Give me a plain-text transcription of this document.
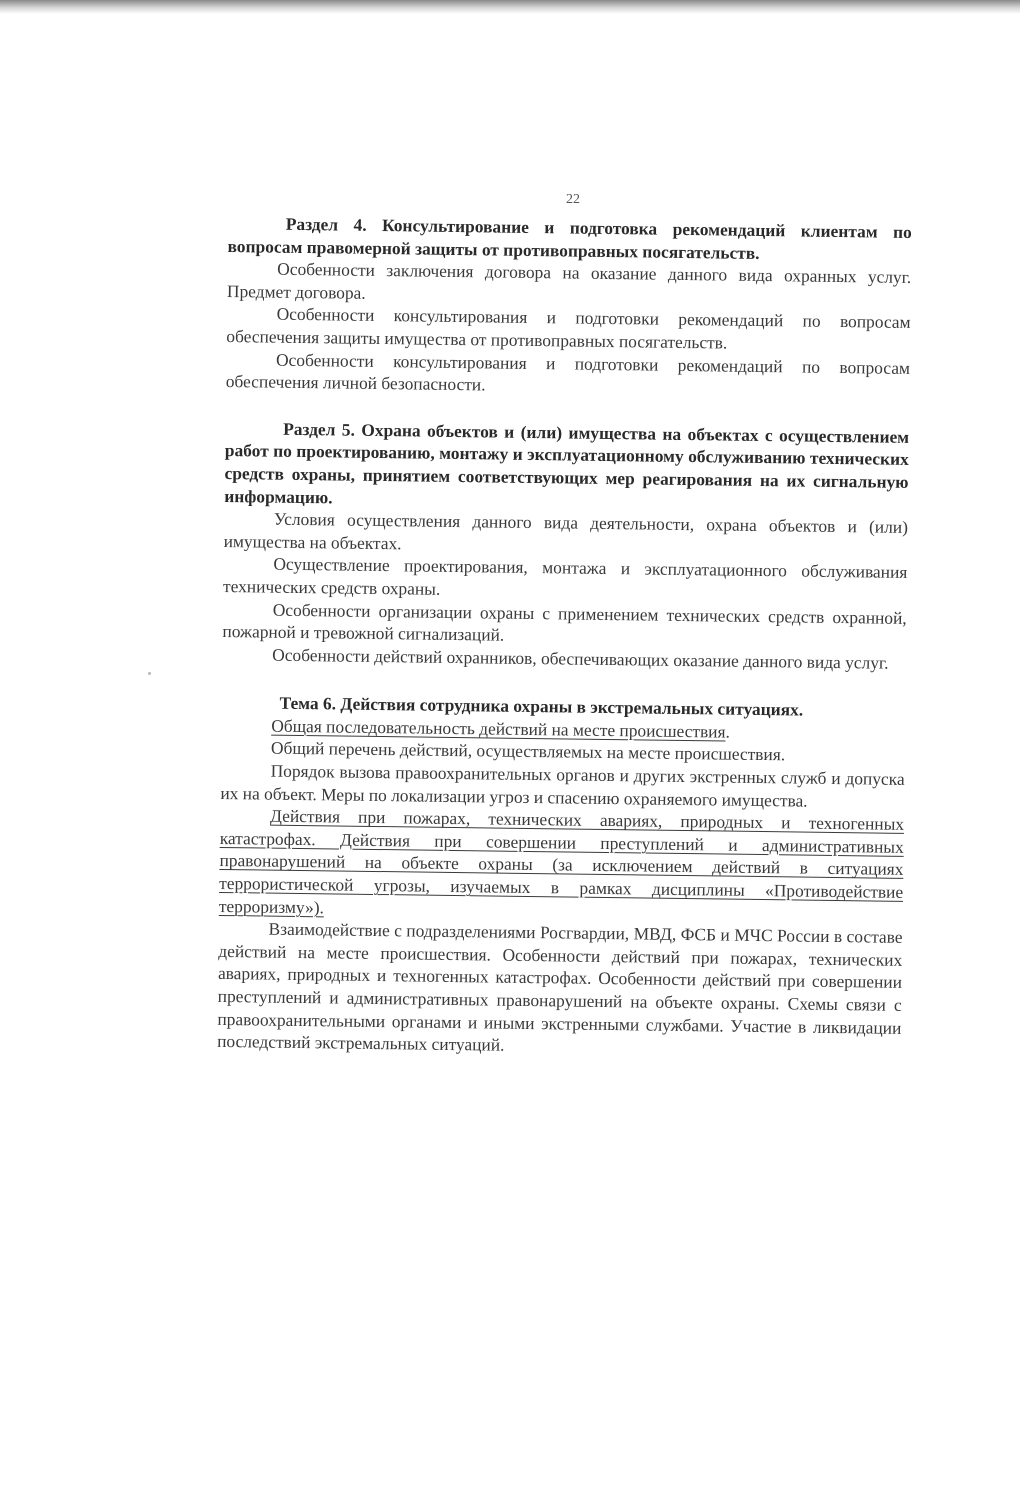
22

Раздел 4. Консультирование и подготовка рекомендаций клиентам по вопросам правомерной защиты от противоправных посягательств.

Особенности заключения договора на оказание данного вида охранных услуг. Предмет договора.

Особенности консультирования и подготовки рекомендаций по вопросам обеспечения защиты имущества от противоправных посягательств.

Особенности консультирования и подготовки рекомендаций по вопросам обеспечения личной безопасности.

Раздел 5. Охрана объектов и (или) имущества на объектах с осуществлением работ по проектированию, монтажу и эксплуатационному обслуживанию технических средств охраны, принятием соответствующих мер реагирования на их сигнальную информацию.

Условия осуществления данного вида деятельности, охрана объектов и (или) имущества на объектах.

Осуществление проектирования, монтажа и эксплуатационного обслуживания технических средств охраны.

Особенности организации охраны с применением технических средств охранной, пожарной и тревожной сигнализаций.

Особенности действий охранников, обеспечивающих оказание данного вида услуг.

Тема 6. Действия сотрудника охраны в экстремальных ситуациях.

Общая последовательность действий на месте происшествия.

Общий перечень действий, осуществляемых на месте происшествия.

Порядок вызова правоохранительных органов и других экстренных служб и допуска их на объект. Меры по локализации угроз и спасению охраняемого имущества.

Действия при пожарах, технических авариях, природных и техногенных катастрофах. Действия при совершении преступлений и административных правонарушений на объекте охраны (за исключением действий в ситуациях террористической угрозы, изучаемых в рамках дисциплины «Противодействие терроризму»).

Взаимодействие с подразделениями Росгвардии, МВД, ФСБ и МЧС России в составе действий на месте происшествия. Особенности действий при пожарах, технических авариях, природных и техногенных катастрофах. Особенности действий при совершении преступлений и административных правонарушений на объекте охраны. Схемы связи с правоохранительными органами и иными экстренными службами. Участие в ликвидации последствий экстремальных ситуаций.
